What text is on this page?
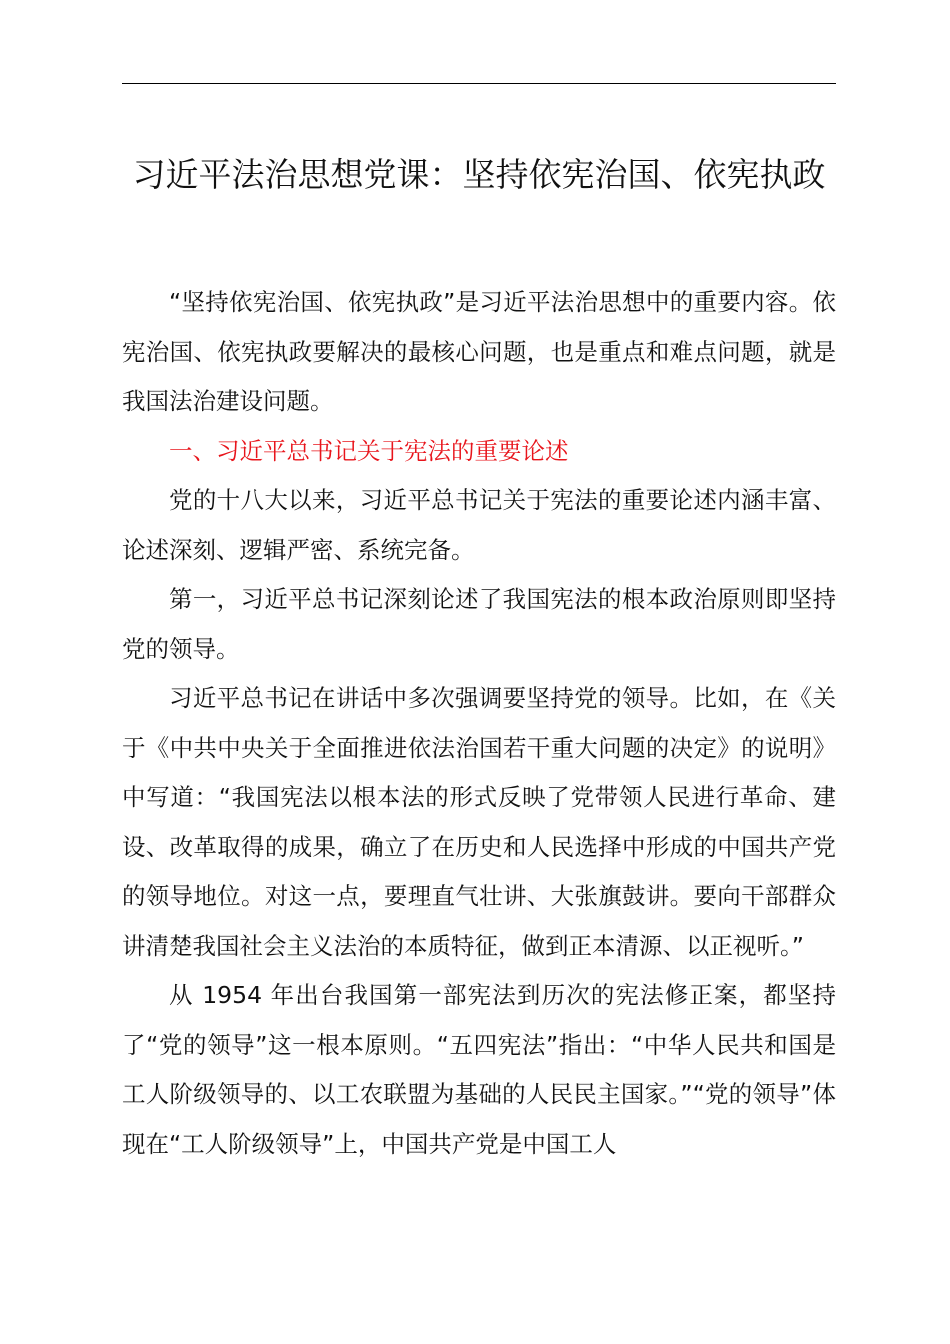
习近平法治思想党课：坚持依宪治国、依宪执政

“坚持依宪治国、依宪执政”是习近平法治思想中的重要内容。依宪治国、依宪执政要解决的最核心问题，也是重点和难点问题，就是我国法治建设问题。

一、习近平总书记关于宪法的重要论述

党的十八大以来，习近平总书记关于宪法的重要论述内涵丰富、论述深刻、逻辑严密、系统完备。

第一，习近平总书记深刻论述了我国宪法的根本政治原则即坚持党的领导。

习近平总书记在讲话中多次强调要坚持党的领导。比如，在《关于《中共中央关于全面推进依法治国若干重大问题的决定》的说明》中写道：“我国宪法以根本法的形式反映了党带领人民进行革命、建设、改革取得的成果，确立了在历史和人民选择中形成的中国共产党的领导地位。对这一点，要理直气壮讲、大张旗鼓讲。要向干部群众讲清楚我国社会主义法治的本质特征，做到正本清源、以正视听。”

从 1954 年出台我国第一部宪法到历次的宪法修正案，都坚持了“党的领导”这一根本原则。“五四宪法”指出：“中华人民共和国是工人阶级领导的、以工农联盟为基础的人民民主国家。”“党的领导”体现在“工人阶级领导”上，中国共产党是中国工人
